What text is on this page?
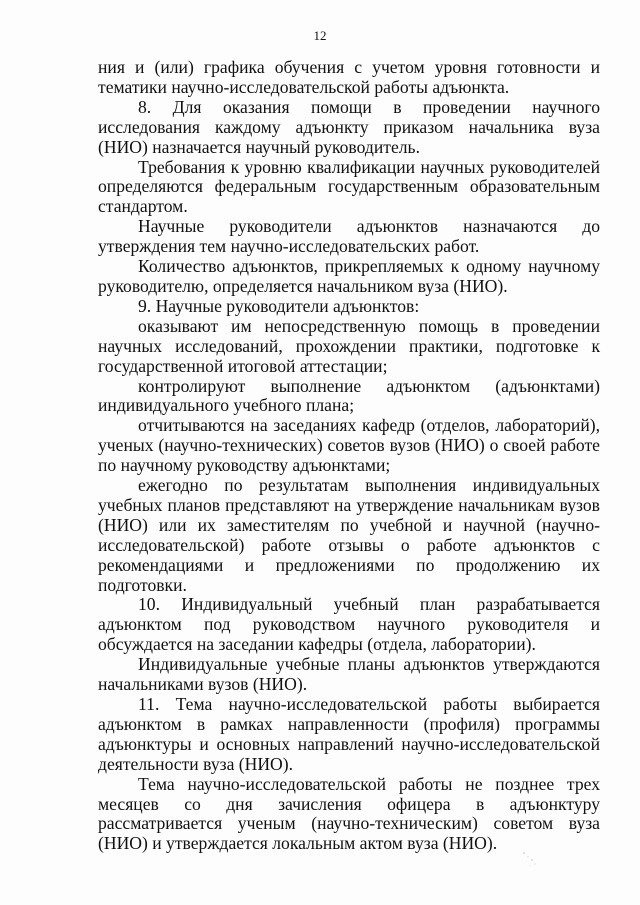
12

ния и (или) графика обучения с учетом уровня готовности и тематики научно-исследовательской работы адъюнкта.

8. Для оказания помощи в проведении научного исследования каждому адъюнкту приказом начальника вуза (НИО) назначается научный руководитель.

Требования к уровню квалификации научных руководителей определяются федеральным государственным образовательным стандартом.

Научные руководители адъюнктов назначаются до утверждения тем научно-исследовательских работ.

Количество адъюнктов, прикрепляемых к одному научному руководителю, определяется начальником вуза (НИО).

9. Научные руководители адъюнктов:

оказывают им непосредственную помощь в проведении научных исследований, прохождении практики, подготовке к государственной итоговой аттестации;

контролируют выполнение адъюнктом (адъюнктами) индивидуального учебного плана;

отчитываются на заседаниях кафедр (отделов, лабораторий), ученых (научно-технических) советов вузов (НИО) о своей работе по научному руководству адъюнктами;

ежегодно по результатам выполнения индивидуальных учебных планов представляют на утверждение начальникам вузов (НИО) или их заместителям по учебной и научной (научно-исследовательской) работе отзывы о работе адъюнктов с рекомендациями и предложениями по продолжению их подготовки.

10. Индивидуальный учебный план разрабатывается адъюнктом под руководством научного руководителя и обсуждается на заседании кафедры (отдела, лаборатории).

Индивидуальные учебные планы адъюнктов утверждаются начальниками вузов (НИО).

11. Тема научно-исследовательской работы выбирается адъюнктом в рамках направленности (профиля) программы адъюнктуры и основных направлений научно-исследовательской деятельности вуза (НИО).

Тема научно-исследовательской работы не позднее трех месяцев со дня зачисления офицера в адъюнктуру рассматривается ученым (научно-техническим) советом вуза (НИО) и утверждается локальным актом вуза (НИО).
